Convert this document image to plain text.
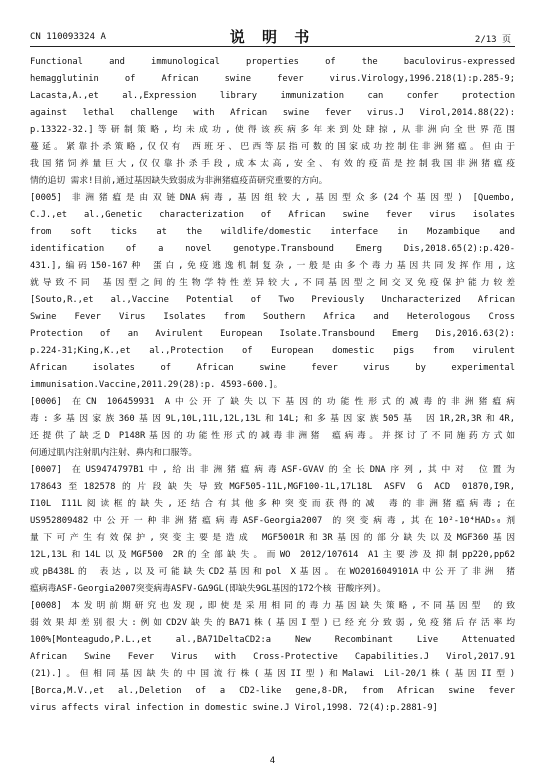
CN 110093324 A	说 明 书	2/13 页
Functional and immunological properties of the baculovirus-expressed
hemagglutinin of African swine fever virus.Virology,1996.218(1):p.285-9;
Lacasta,A.,et al.,Expression library immunization can confer protection
against lethal challenge with African swine fever virus.J Virol,2014.88(22):
p.13322-32.]等研制策略,均未成功,使得该疾病多年来到处肆掠,从非洲向全世界范围
蔓延。紧靠扑杀策略,仅仅有 西班牙、巴西等层指可数的国家成功控制住非洲猪瘟。但由于
我国猪饲养量巨大,仅仅靠扑杀手段,成本太高,安全、有效的疫苗是控制我国非洲猪瘟疫
情的追切 需求!目前,通过基因缺失致弱成为非洲猪瘟疫苗研究重要的方向。
[0005] 非洲猪瘟是由双链DNA病毒,基因组较大,基因型众多(24个基因型) [Quembo,
C.J.,et al.,Genetic characterization of African swine fever virus isolates
from soft ticks at the wildlife/domestic interface in Mozambique and
identification of a novel genotype.Transbound Emerg Dis,2018.65(2):p.420-
431.],编码150-167种 蛋白,免疫逃逸机制复杂,一般是由多个毒力基因共同发挥作用,这
就导致不同 基因型之间的生物学特性差异较大,不同基因型之间交叉免疫保护能力较差
[Souto,R.,et al.,Vaccine Potential of Two Previously Uncharacterized African
Swine Fever Virus Isolates from Southern Africa and Heterologous Cross
Protection of an Avirulent European Isolate.Transbound Emerg Dis,2016.63(2):
p.224-31;King,K.,et al.,Protection of European domestic pigs from virulent
African isolates of African swine fever virus by experimental
immunisation.Vaccine,2011.29(28):p. 4593-600.]。
[0006] 在CN 106459931 A中公开了缺失以下基因的功能性形式的减毒的非洲猪瘟病
毒:多基因家族360基因9L,10L,11L,12L,13L和14L;和多基因家族505基 因1R,2R,3R和4R,
还提供了缺乏D P148R基因的功能性形式的减毒非洲猪 瘟病毒。并探讨了不同施药方式如
何通过肌内注射肌内注射、鼻内和口服等。
[0007] 在US9474797B1中,给出非洲猪瘟病毒ASF-GVAV的全长DNA序列,其中对 位置为
178643至182578的片段缺失导致MGF505-11L,MGF100-1L,17L18L ASFV G ACD 01870,I9R,
I10L I11L阅读框的缺失,还结合有其他多种突变而获得的减 毒的非洲猪瘟病毒;在
US952809482中公开一种非洲猪瘟病毒ASF-Georgia2007 的突变病毒,其在10²-10⁴HAD₅₀剂
量下可产生有效保护,突变主要是造成 MGF5001R和3R基因的部分缺失以及MGF360基因
12L,13L和14L以及MGF500 2R的全部缺失。而WO 2012/107614 A1主要涉及抑制pp220,pp62
或pB438L的 表达,以及可能缺失CD2基因和pol X基因。在WO2016049101A中公开了非洲 猪
瘟病毒ASF-Georgia2007突变病毒ASFV-G∆9GL(即缺失9GL基因的172个核 苷酸序列)。
[0008] 本发明前期研究也发现,即使是采用相同的毒力基因缺失策略,不同基因型 的致
弱效果却差别很大:例如CD2V缺失的BA71株(基因I型)已经充分致弱,免疫猪后存活率均
100%[Monteagudo,P.L.,et al.,BA71DeltaCD2:a New Recombinant Live Attenuated
African Swine Fever Virus with Cross-Protective Capabilities.J Virol,2017.91
(21).]。但相同基因缺失的中国流行株(基因II型)和Malawi Lil-20/1株(基因II型)
[Borca,M.V.,et al.,Deletion of a CD2-like gene,8-DR, from African swine fever
virus affects viral infection in domestic swine.J Virol,1998. 72(4):p.2881-9]
4
